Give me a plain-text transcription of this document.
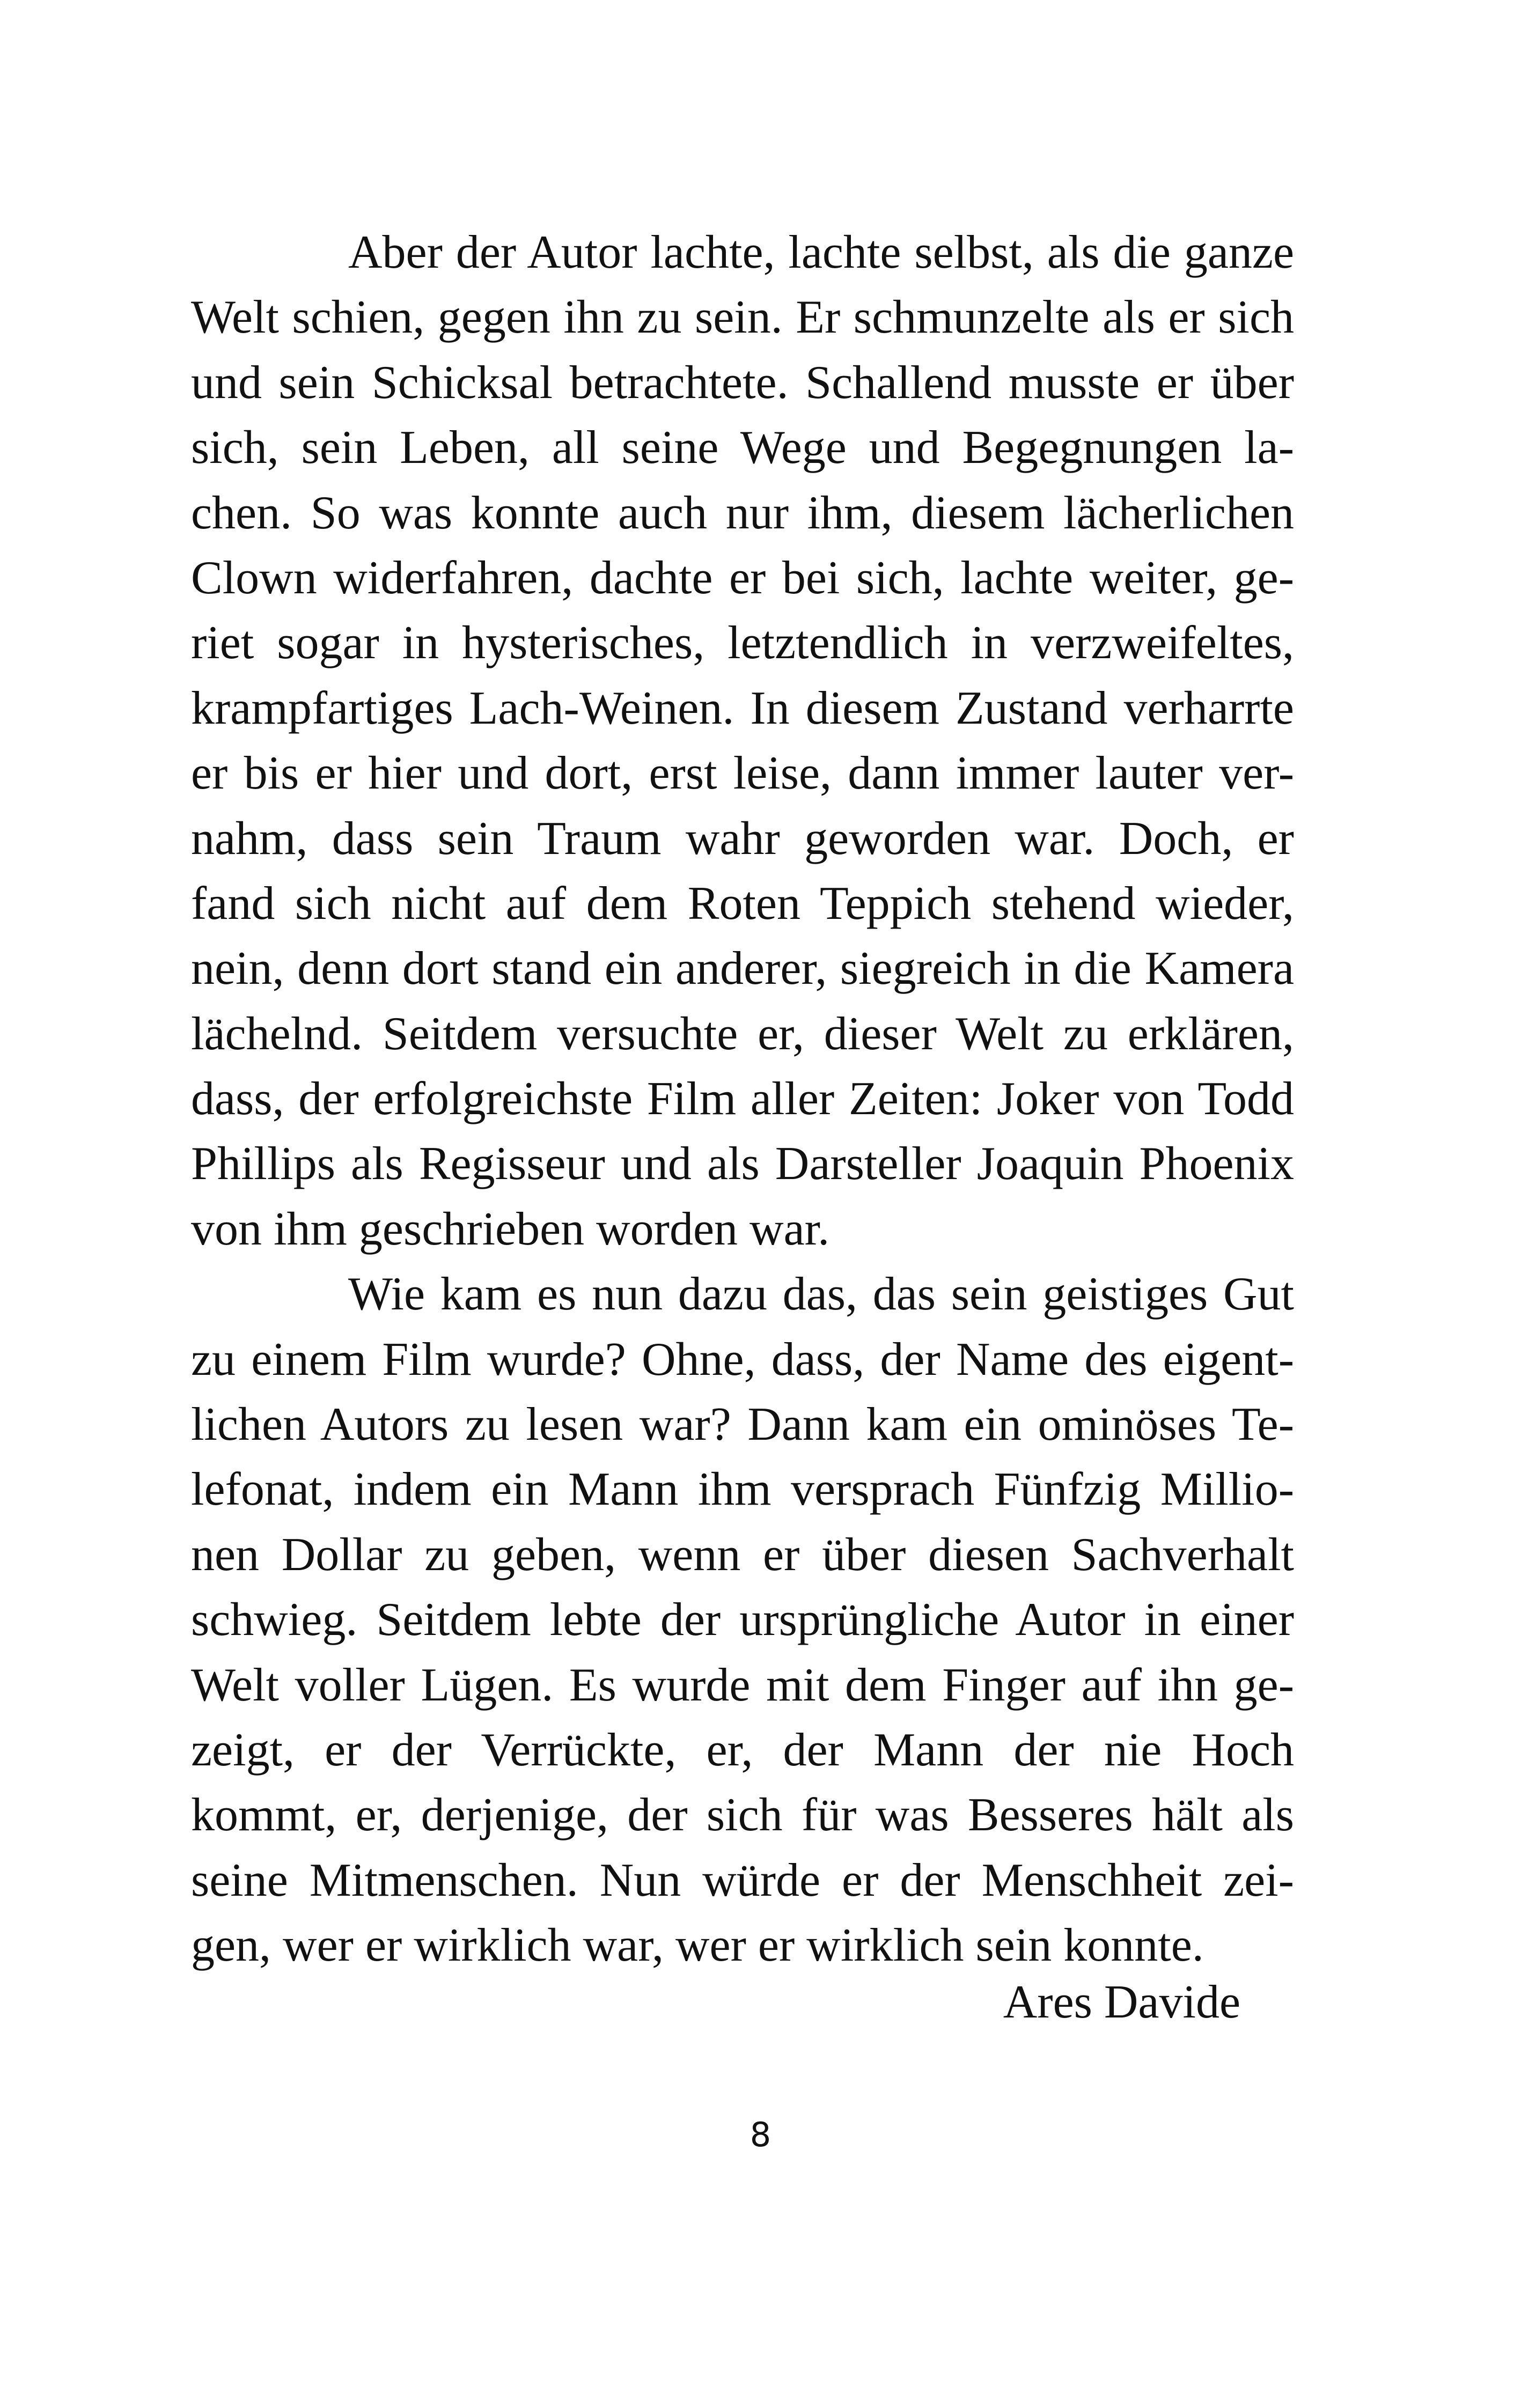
Aber der Autor lachte, lachte selbst, als die ganze
Welt schien, gegen ihn zu sein. Er schmunzelte als er sich
und sein Schicksal betrachtete. Schallend musste er über
sich, sein Leben, all seine Wege und Begegnungen la-
chen. So was konnte auch nur ihm, diesem lächerlichen
Clown widerfahren, dachte er bei sich, lachte weiter, ge-
riet sogar in hysterisches, letztendlich in verzweifeltes,
krampfartiges Lach-Weinen. In diesem Zustand verharrte
er bis er hier und dort, erst leise, dann immer lauter ver-
nahm, dass sein Traum wahr geworden war. Doch, er
fand sich nicht auf dem Roten Teppich stehend wieder,
nein, denn dort stand ein anderer, siegreich in die Kamera
lächelnd. Seitdem versuchte er, dieser Welt zu erklären,
dass, der erfolgreichste Film aller Zeiten: Joker von Todd
Phillips als Regisseur und als Darsteller Joaquin Phoenix
von ihm geschrieben worden war.
Wie kam es nun dazu das, das sein geistiges Gut
zu einem Film wurde? Ohne, dass, der Name des eigent-
lichen Autors zu lesen war? Dann kam ein ominöses Te-
lefonat, indem ein Mann ihm versprach Fünfzig Millio-
nen Dollar zu geben, wenn er über diesen Sachverhalt
schwieg. Seitdem lebte der ursprüngliche Autor in einer
Welt voller Lügen. Es wurde mit dem Finger auf ihn ge-
zeigt, er der Verrückte, er, der Mann der nie Hoch
kommt, er, derjenige, der sich für was Besseres hält als
seine Mitmenschen. Nun würde er der Menschheit zei-
gen, wer er wirklich war, wer er wirklich sein konnte.
Ares Davide
8
